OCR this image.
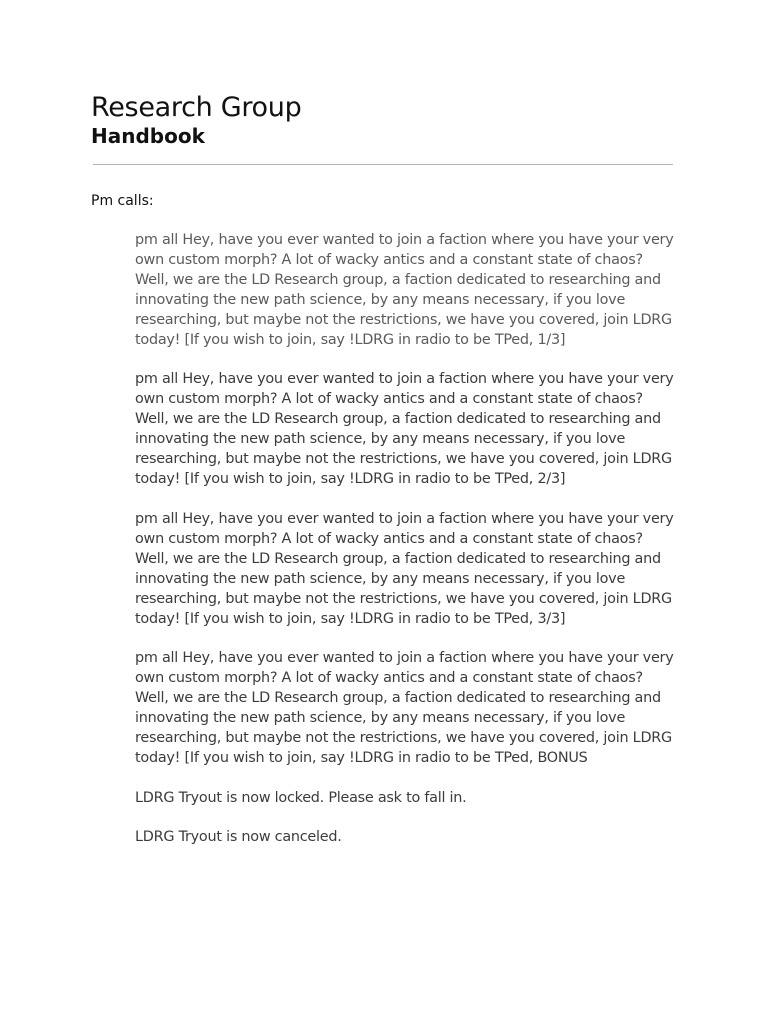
Research Group
Handbook

Pm calls:

pm all Hey, have you ever wanted to join a faction where you have your very own custom morph? A lot of wacky antics and a constant state of chaos? Well, we are the LD Research group, a faction dedicated to researching and innovating the new path science, by any means necessary, if you love researching, but maybe not the restrictions, we have you covered, join LDRG today! [If you wish to join, say !LDRG in radio to be TPed, 1/3]

pm all Hey, have you ever wanted to join a faction where you have your very own custom morph? A lot of wacky antics and a constant state of chaos? Well, we are the LD Research group, a faction dedicated to researching and innovating the new path science, by any means necessary, if you love researching, but maybe not the restrictions, we have you covered, join LDRG today! [If you wish to join, say !LDRG in radio to be TPed, 2/3]

pm all Hey, have you ever wanted to join a faction where you have your very own custom morph? A lot of wacky antics and a constant state of chaos? Well, we are the LD Research group, a faction dedicated to researching and innovating the new path science, by any means necessary, if you love researching, but maybe not the restrictions, we have you covered, join LDRG today! [If you wish to join, say !LDRG in radio to be TPed, 3/3]

pm all Hey, have you ever wanted to join a faction where you have your very own custom morph? A lot of wacky antics and a constant state of chaos? Well, we are the LD Research group, a faction dedicated to researching and innovating the new path science, by any means necessary, if you love researching, but maybe not the restrictions, we have you covered, join LDRG today! [If you wish to join, say !LDRG in radio to be TPed, BONUS

LDRG Tryout is now locked. Please ask to fall in.

LDRG Tryout is now canceled.
